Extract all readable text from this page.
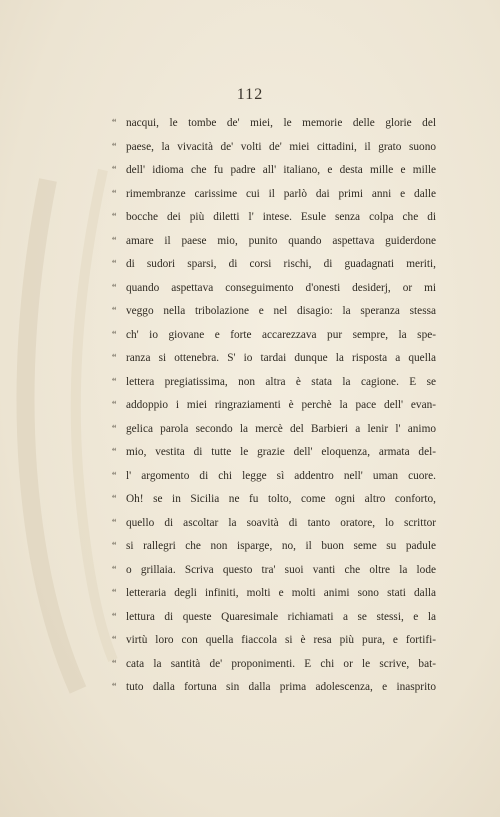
112
“ nacqui, le tombe de' miei, le memorie delle glorie del
“ paese, la vivacità de' volti de' miei cittadini, il grato suono
“ dell' idioma che fu padre all' italiano, e desta mille e mille
“ rimembranze carissime cui il parlò dai primi anni e dalle
“ bocche dei più diletti l' intese. Esule senza colpa che di
“ amare il paese mio, punito quando aspettava guiderdone
“ di sudori sparsi, di corsi rischi, di guadagnati meriti,
“ quando aspettava conseguimento d'onesti desiderj, or mi
“ veggo nella tribolazione e nel disagio: la speranza stessa
“ ch' io giovane e forte accarezzava pur sempre, la spe-
“ ranza si ottenebra. S' io tardai dunque la risposta a quella
“ lettera pregiatissima, non altra è stata la cagione. E se
“ addoppio i miei ringraziamenti è perchè la pace dell' evan-
“ gelica parola secondo la mercè del Barbieri a lenir l' animo
“ mio, vestita di tutte le grazie dell' eloquenza, armata del-
“ l' argomento di chi legge sì addentro nell' uman cuore.
“ Oh! se in Sicilia ne fu tolto, come ogni altro conforto,
“ quello di ascoltar la soavità di tanto oratore, lo scrittor
“ si rallegri che non isparge, no, il buon seme su padule
“ o grillaia. Scriva questo tra' suoi vanti che oltre la lode
“ letteraria degli infiniti, molti e molti animi sono stati dalla
“ lettura di queste Quaresimale richiamati a se stessi, e la
“ virtù loro con quella fiaccola si è resa più pura, e fortifi-
“ cata la santità de' proponimenti. E chi or le scrive, bat-
“ tuto dalla fortuna sin dalla prima adolescenza, e inasprito
